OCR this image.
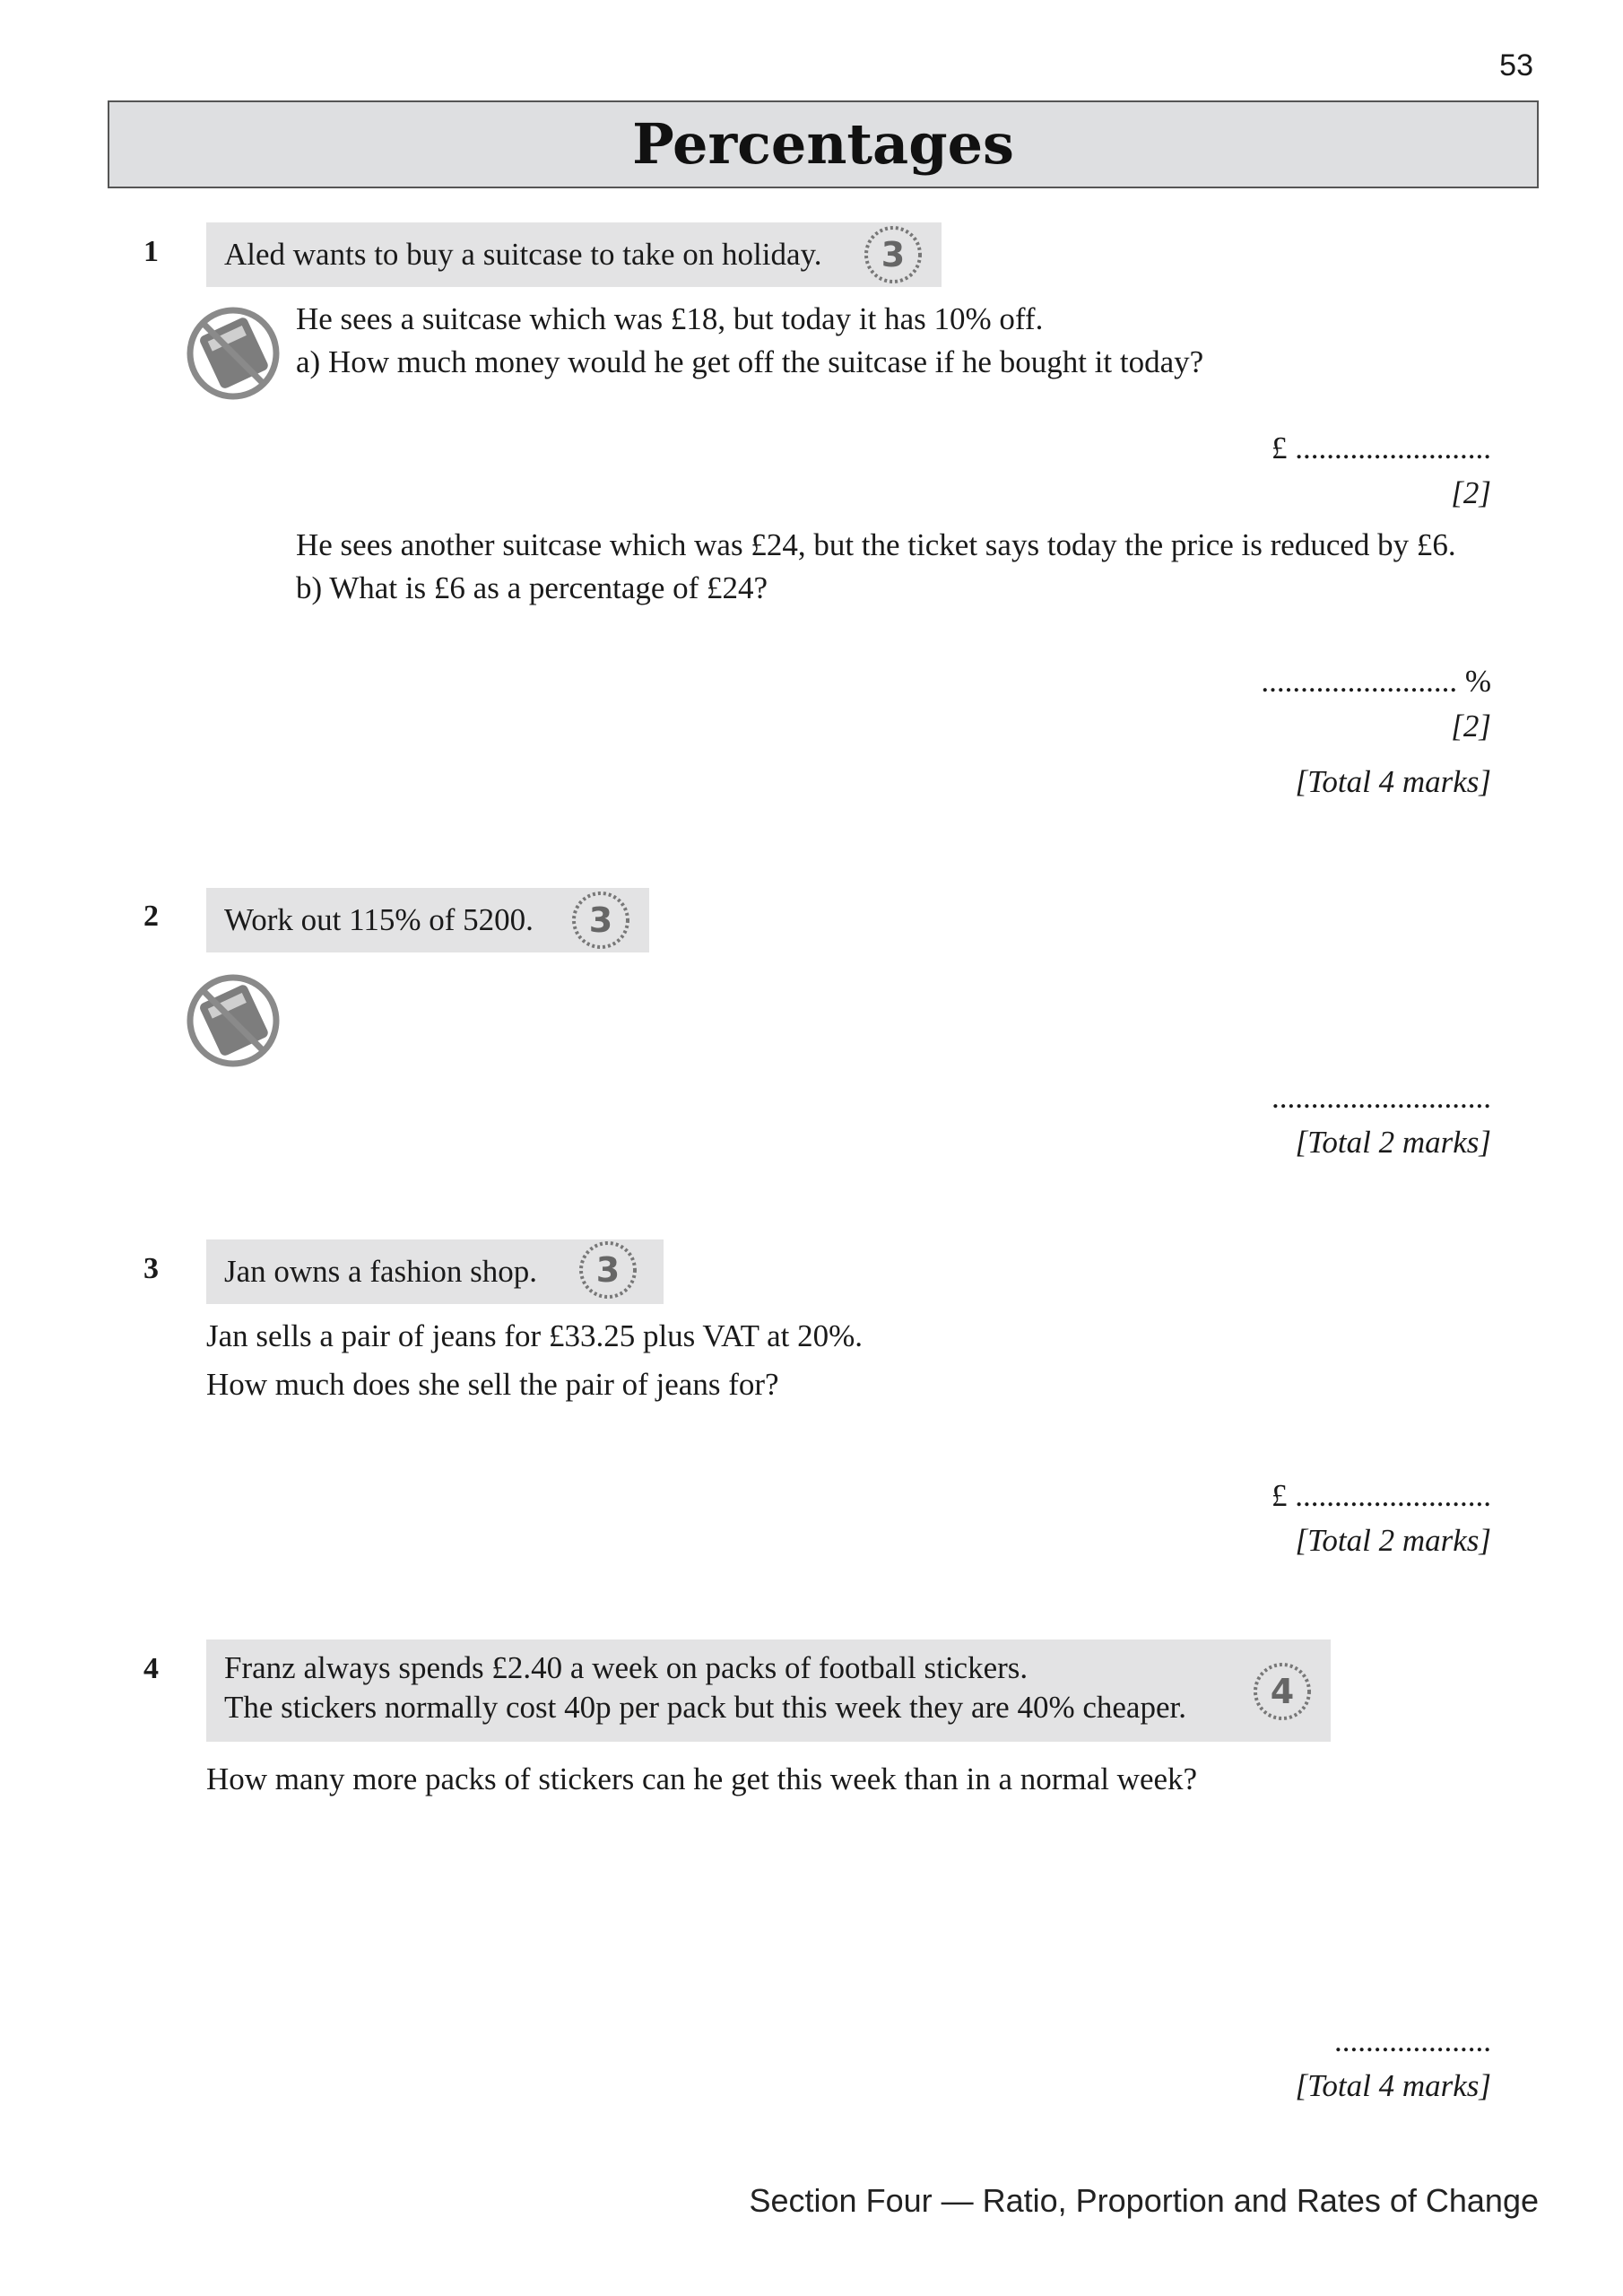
53
Percentages
1	Aled wants to buy a suitcase to take on holiday.	3
He sees a suitcase which was £18, but today it has 10% off.
a) How much money would he get off the suitcase if he bought it today?
£ .........................
[2]
He sees another suitcase which was £24, but the ticket says today the price is reduced by £6.
b) What is £6 as a percentage of £24?
......................... %
[2]
[Total 4 marks]
2	Work out 115% of 5200.	3
............................
[Total 2 marks]
3	Jan owns a fashion shop.	3
Jan sells a pair of jeans for £33.25 plus VAT at 20%.
How much does she sell the pair of jeans for?
£ .........................
[Total 2 marks]
4 Franz always spends £2.40 a week on packs of football stickers.
The stickers normally cost 40p per pack but this week they are 40% cheaper.	4
How many more packs of stickers can he get this week than in a normal week?
....................
[Total 4 marks]
Section Four — Ratio, Proportion and Rates of Change
